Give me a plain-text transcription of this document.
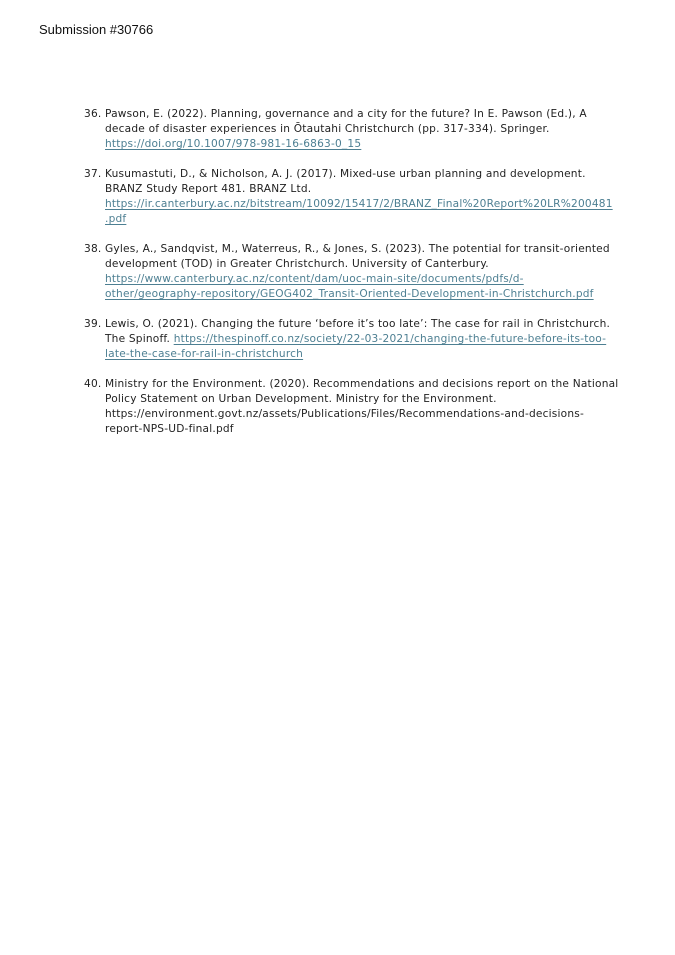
Submission #30766
36. Pawson, E. (2022). Planning, governance and a city for the future? In E. Pawson (Ed.), A
decade of disaster experiences in Ōtautahi Christchurch (pp. 317-334). Springer.
https://doi.org/10.1007/978-981-16-6863-0_15
37. Kusumastuti, D., & Nicholson, A. J. (2017). Mixed-use urban planning and development.
BRANZ Study Report 481. BRANZ Ltd.
https://ir.canterbury.ac.nz/bitstream/10092/15417/2/BRANZ_Final%20Report%20LR%200481
.pdf
38. Gyles, A., Sandqvist, M., Waterreus, R., & Jones, S. (2023). The potential for transit-oriented
development (TOD) in Greater Christchurch. University of Canterbury.
https://www.canterbury.ac.nz/content/dam/uoc-main-site/documents/pdfs/d-
other/geography-repository/GEOG402_Transit-Oriented-Development-in-Christchurch.pdf
39. Lewis, O. (2021). Changing the future ‘before it’s too late’: The case for rail in Christchurch.
The Spinoff. https://thespinoff.co.nz/society/22-03-2021/changing-the-future-before-its-too-
late-the-case-for-rail-in-christchurch
40. Ministry for the Environment. (2020). Recommendations and decisions report on the National
Policy Statement on Urban Development. Ministry for the Environment.
https://environment.govt.nz/assets/Publications/Files/Recommendations-and-decisions-
report-NPS-UD-final.pdf
